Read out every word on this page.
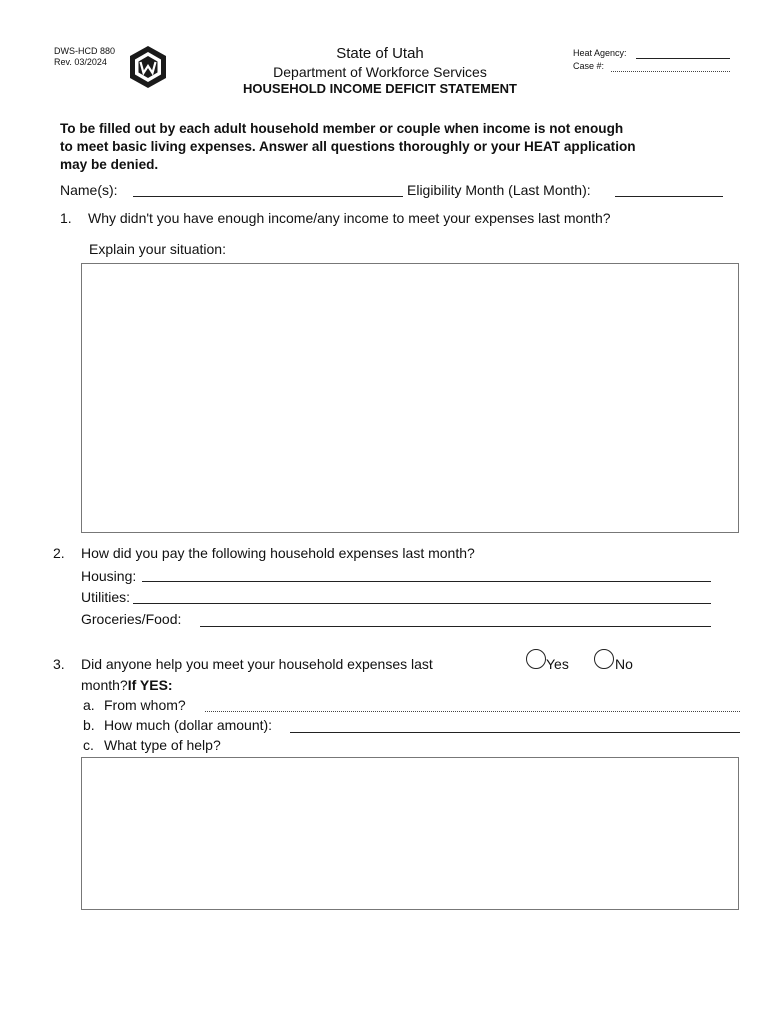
DWS-HCD 880
Rev. 03/2024	State of Utah
Department of Workforce Services
HOUSEHOLD INCOME DEFICIT STATEMENT
Heat Agency:
Case #:
To be filled out by each adult household member or couple when income is not enough
to meet basic living expenses. Answer all questions thoroughly or your HEAT application
may be denied.
Name(s):	Eligibility Month (Last Month):
1. Why didn't you have enough income/any income to meet your expenses last month?
Explain your situation:
2. How did you pay the following household expenses last month?
Housing:
Utilities:
Groceries/Food:
3. Did anyone help you meet your household expenses last
month?If YES:
Yes	No
a. From whom?
b. How much (dollar amount):
c. What type of help?
